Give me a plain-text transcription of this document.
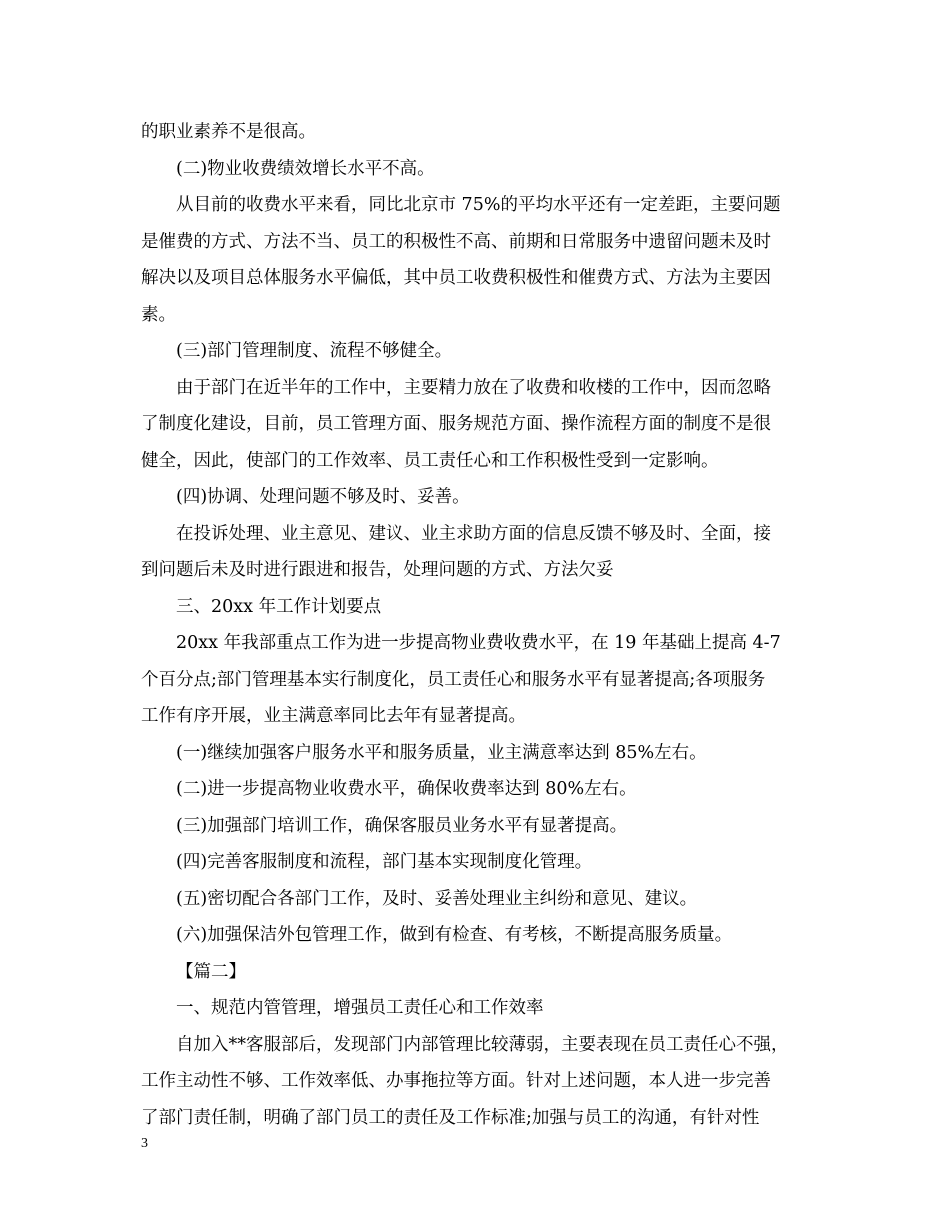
的职业素养不是很高。
(二)物业收费绩效增长水平不高。
从目前的收费水平来看，同比北京市 75%的平均水平还有一定差距，主要问题
是催费的方式、方法不当、员工的积极性不高、前期和日常服务中遗留问题未及时
解决以及项目总体服务水平偏低，其中员工收费积极性和催费方式、方法为主要因
素。
(三)部门管理制度、流程不够健全。
由于部门在近半年的工作中，主要精力放在了收费和收楼的工作中，因而忽略
了制度化建设，目前，员工管理方面、服务规范方面、操作流程方面的制度不是很
健全，因此，使部门的工作效率、员工责任心和工作积极性受到一定影响。
(四)协调、处理问题不够及时、妥善。
在投诉处理、业主意见、建议、业主求助方面的信息反馈不够及时、全面，接
到问题后未及时进行跟进和报告，处理问题的方式、方法欠妥
三、20xx 年工作计划要点
20xx 年我部重点工作为进一步提高物业费收费水平，在 19 年基础上提高 4-7
个百分点;部门管理基本实行制度化，员工责任心和服务水平有显著提高;各项服务
工作有序开展，业主满意率同比去年有显著提高。
(一)继续加强客户服务水平和服务质量，业主满意率达到 85%左右。
(二)进一步提高物业收费水平，确保收费率达到 80%左右。
(三)加强部门培训工作，确保客服员业务水平有显著提高。
(四)完善客服制度和流程，部门基本实现制度化管理。
(五)密切配合各部门工作，及时、妥善处理业主纠纷和意见、建议。
(六)加强保洁外包管理工作，做到有检查、有考核，不断提高服务质量。
【篇二】
一、规范内管管理，增强员工责任心和工作效率
自加入**客服部后，发现部门内部管理比较薄弱，主要表现在员工责任心不强，
工作主动性不够、工作效率低、办事拖拉等方面。针对上述问题，本人进一步完善
了部门责任制，明确了部门员工的责任及工作标准;加强与员工的沟通，有针对性
3
